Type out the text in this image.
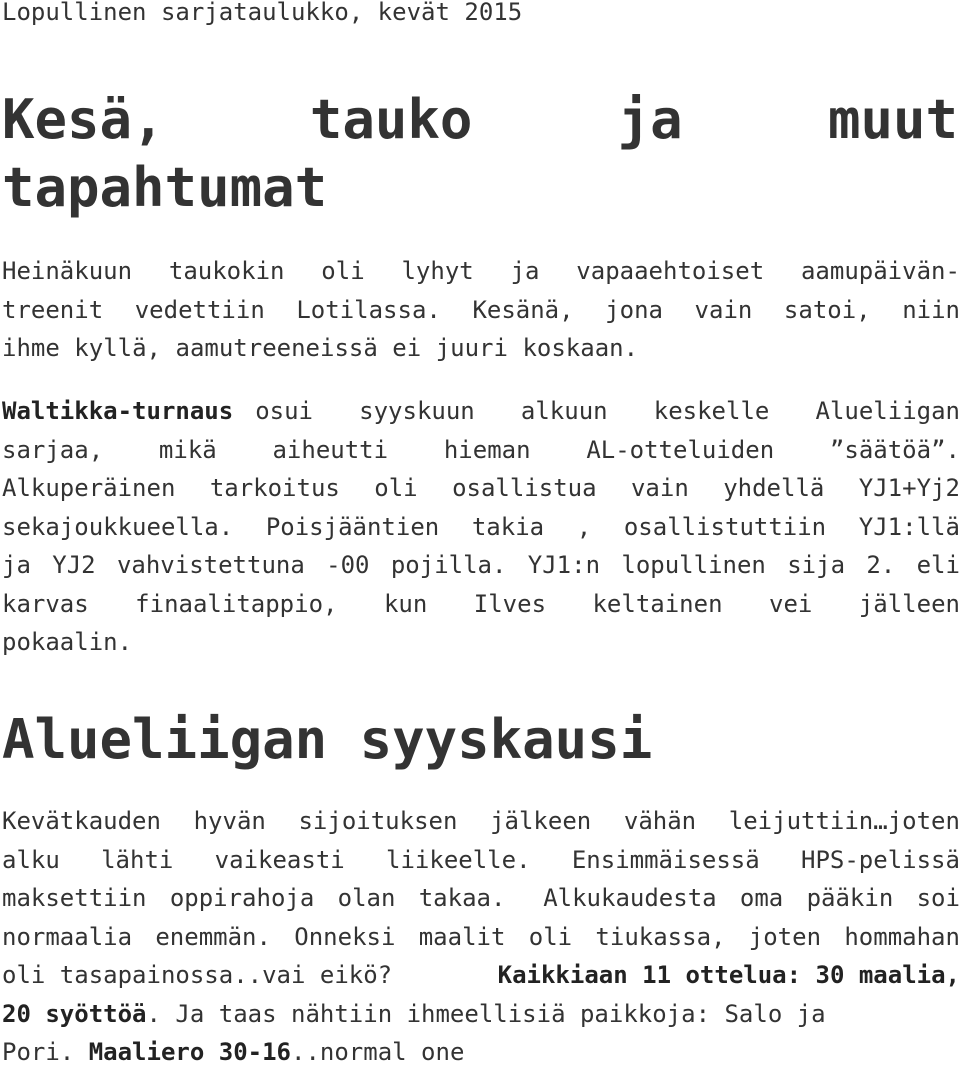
Lopullinen sarjataulukko, kevät 2015
Kesä,	tauko	ja	muut
tapahtumat
Heinäkuun taukokin oli lyhyt ja vapaaehtoiset aamupäivän-
treenit vedettiin Lotilassa. Kesänä, jona vain satoi, niin
ihme kyllä, aamutreeneissä ei juuri koskaan.
Waltikka-turnaus osui syyskuun alkuun keskelle Alueliigan
sarjaa, mikä aiheutti hieman AL-otteluiden ”säätöä”.
Alkuperäinen tarkoitus oli osallistua vain yhdellä YJ1+Yj2
sekajoukkueella. Poisjääntien takia , osallistuttiin YJ1:llä
ja YJ2 vahvistettuna -00 pojilla. YJ1:n lopullinen sija 2. eli
karvas finaalitappio, kun Ilves keltainen vei jälleen
pokaalin.
Alueliigan syyskausi
Kevätkauden hyvän sijoituksen jälkeen vähän leijuttiin…joten
alku lähti vaikeasti liikeelle. Ensimmäisessä HPS-pelissä
maksettiin oppirahoja olan takaa. Alkukaudesta oma pääkin soi
normaalia enemmän. Onneksi maalit oli tiukassa, joten hommahan
oli tasapainossa..vai eikö?	Kaikkiaan 11 ottelua: 30 maalia,
20 syöttöä. Ja taas nähtiin ihmeellisiä paikkoja: Salo ja
Pori. Maaliero 30-16..normal one
